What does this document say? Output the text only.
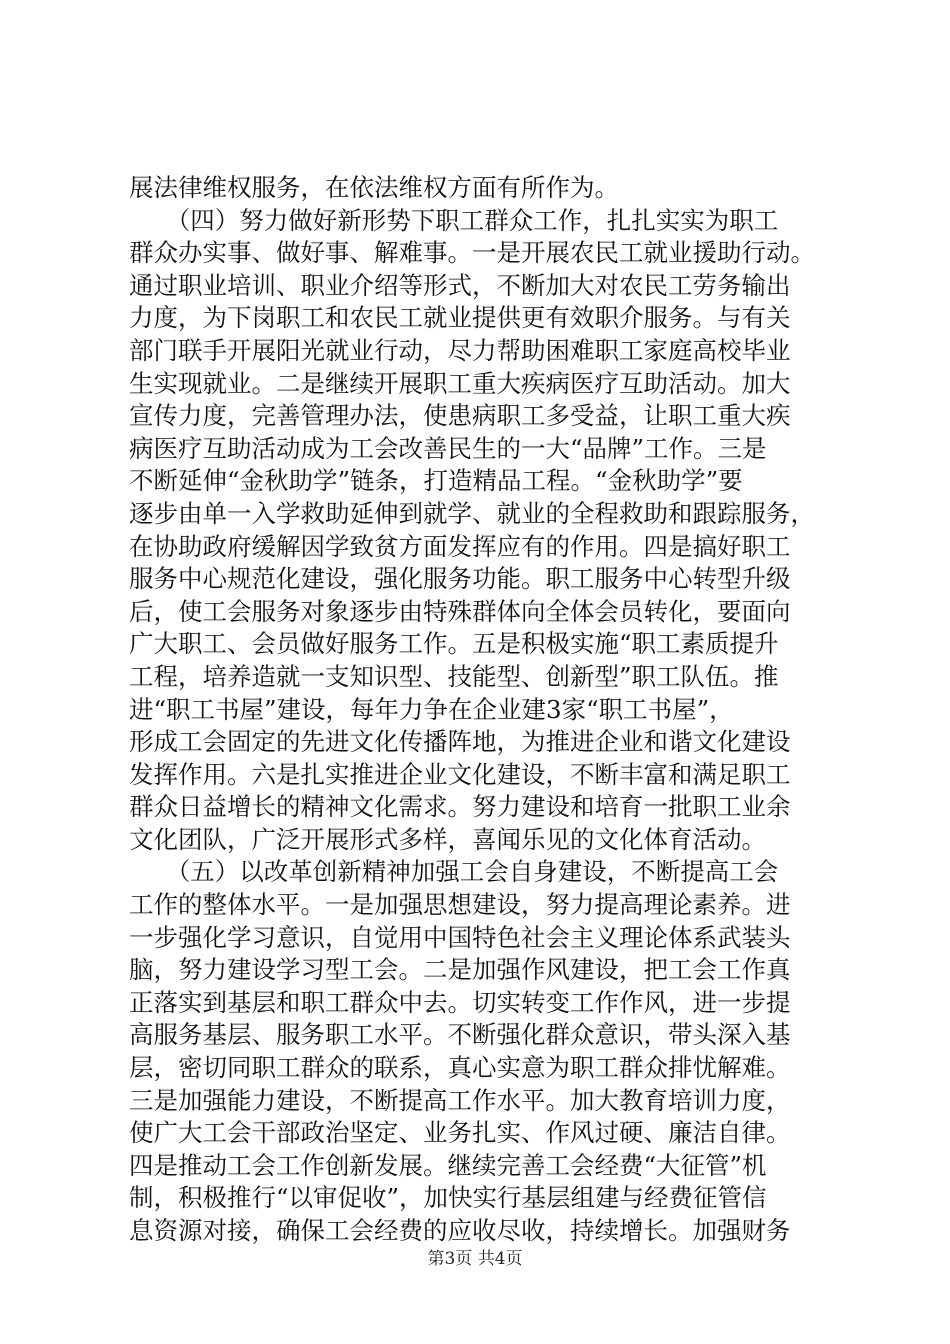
展法律维权服务，在依法维权方面有所作为。
　　（四）努力做好新形势下职工群众工作，扎扎实实为职工
群众办实事、做好事、解难事。一是开展农民工就业援助行动。
通过职业培训、职业介绍等形式，不断加大对农民工劳务输出
力度，为下岗职工和农民工就业提供更有效职介服务。与有关
部门联手开展阳光就业行动，尽力帮助困难职工家庭高校毕业
生实现就业。二是继续开展职工重大疾病医疗互助活动。加大
宣传力度，完善管理办法，使患病职工多受益，让职工重大疾
病医疗互助活动成为工会改善民生的一大“品牌”工作。三是
不断延伸“金秋助学”链条，打造精品工程。“金秋助学”要
逐步由单一入学救助延伸到就学、就业的全程救助和跟踪服务，
在协助政府缓解因学致贫方面发挥应有的作用。四是搞好职工
服务中心规范化建设，强化服务功能。职工服务中心转型升级
后，使工会服务对象逐步由特殊群体向全体会员转化，要面向
广大职工、会员做好服务工作。五是积极实施“职工素质提升
工程，培养造就一支知识型、技能型、创新型”职工队伍。推
进“职工书屋”建设，每年力争在企业建3家“职工书屋”，
形成工会固定的先进文化传播阵地，为推进企业和谐文化建设
发挥作用。六是扎实推进企业文化建设，不断丰富和满足职工
群众日益增长的精神文化需求。努力建设和培育一批职工业余
文化团队，广泛开展形式多样，喜闻乐见的文化体育活动。
　　（五）以改革创新精神加强工会自身建设，不断提高工会
工作的整体水平。一是加强思想建设，努力提高理论素养。进
一步强化学习意识，自觉用中国特色社会主义理论体系武装头
脑，努力建设学习型工会。二是加强作风建设，把工会工作真
正落实到基层和职工群众中去。切实转变工作作风，进一步提
高服务基层、服务职工水平。不断强化群众意识，带头深入基
层，密切同职工群众的联系，真心实意为职工群众排忧解难。
三是加强能力建设，不断提高工作水平。加大教育培训力度，
使广大工会干部政治坚定、业务扎实、作风过硬、廉洁自律。
四是推动工会工作创新发展。继续完善工会经费“大征管”机
制，积极推行“以审促收”，加快实行基层组建与经费征管信
息资源对接，确保工会经费的应收尽收，持续增长。加强财务
第3页 共4页
